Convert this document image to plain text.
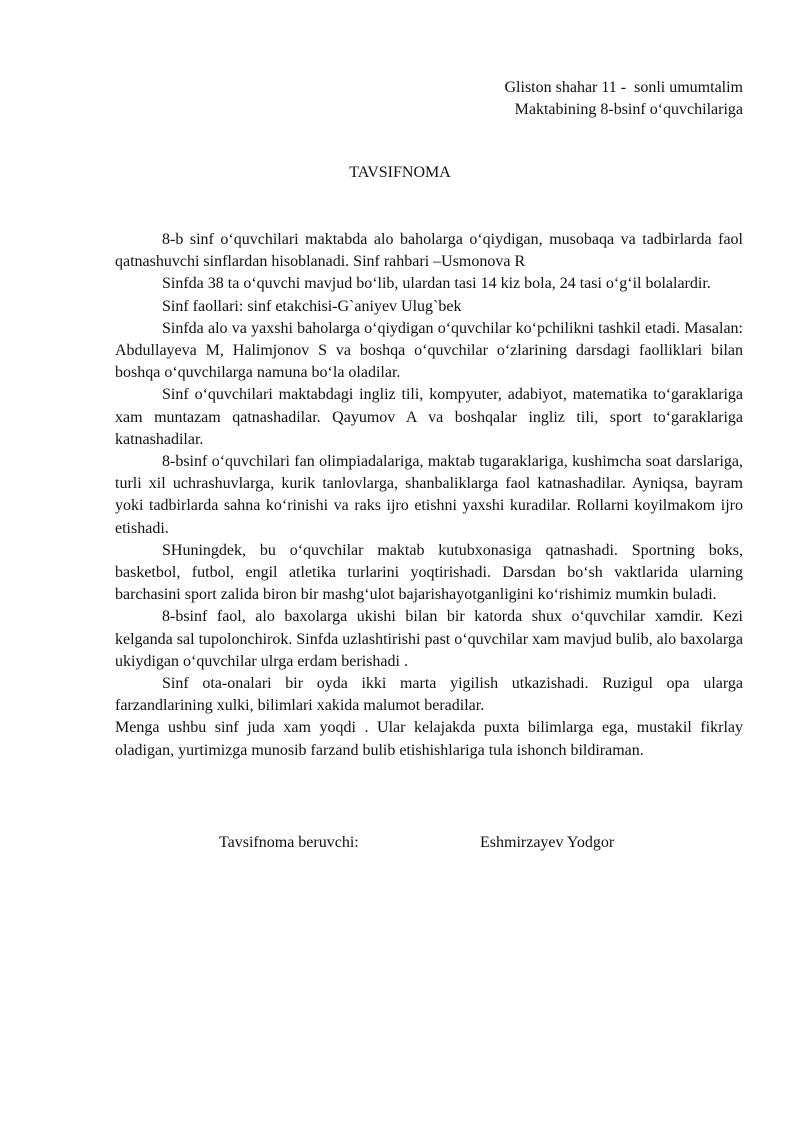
Gliston shahar 11 -  sonli umumtalim
Maktabining 8-bsinf o‘quvchilariga
TAVSIFNOMA

8-b sinf o‘quvchilari maktabda alo baholarga o‘qiydigan, musobaqa va tadbirlarda faol qatnashuvchi sinflardan hisoblanadi. Sinf rahbari –Usmonova R

Sinfda 38 ta o‘quvchi mavjud bo‘lib, ulardan tasi 14 kiz bola, 24 tasi o‘g‘il bolalardir.

Sinf faollari: sinf etakchisi-G`aniyev Ulug`bek

Sinfda alo va yaxshi baholarga o‘qiydigan o‘quvchilar ko‘pchilikni tashkil etadi. Masalan: Abdullayeva M, Halimjonov S va boshqa o‘quvchilar o‘zlarining darsdagi faolliklari bilan boshqa o‘quvchilarga namuna bo‘la oladilar.

Sinf o‘quvchilari maktabdagi ingliz tili, kompyuter, adabiyot, matematika to‘garaklariga xam muntazam qatnashadilar. Qayumov A va boshqalar ingliz tili, sport to‘garaklariga katnashadilar.

8-bsinf o‘quvchilari fan olimpiadalariga, maktab tugaraklariga, kushimcha soat darslariga, turli xil uchrashuvlarga, kurik tanlovlarga, shanbaliklarga faol katnashadilar. Ayniqsa, bayram yoki tadbirlarda sahna ko‘rinishi va raks ijro etishni yaxshi kuradilar. Rollarni koyilmakom ijro etishadi.

SHuningdek, bu o‘quvchilar maktab kutubxonasiga qatnashadi. Sportning boks, basketbol, futbol, engil atletika turlarini yoqtirishadi. Darsdan bo‘sh vaktlarida ularning barchasini sport zalida biron bir mashg‘ulot bajarishayotganligini ko‘rishimiz mumkin buladi.

8-bsinf faol, alo baxolarga ukishi bilan bir katorda shux o‘quvchilar xamdir. Kezi kelganda sal tupolonchirok. Sinfda uzlashtirishi past o‘quvchilar xam mavjud bulib, alo baxolarga ukiydigan o‘quvchilar ulrga erdam berishadi .

Sinf ota-onalari bir oyda ikki marta yigilish utkazishadi. Ruzigul opa ularga farzandlarining xulki, bilimlari xakida malumot beradilar.

Menga ushbu sinf juda xam yoqdi . Ular kelajakda puxta bilimlarga ega, mustakil fikrlay oladigan, yurtimizga munosib farzand bulib etishishlariga tula ishonch bildiraman.

Tavsifnoma beruvchi:	Eshmirzayev Yodgor
